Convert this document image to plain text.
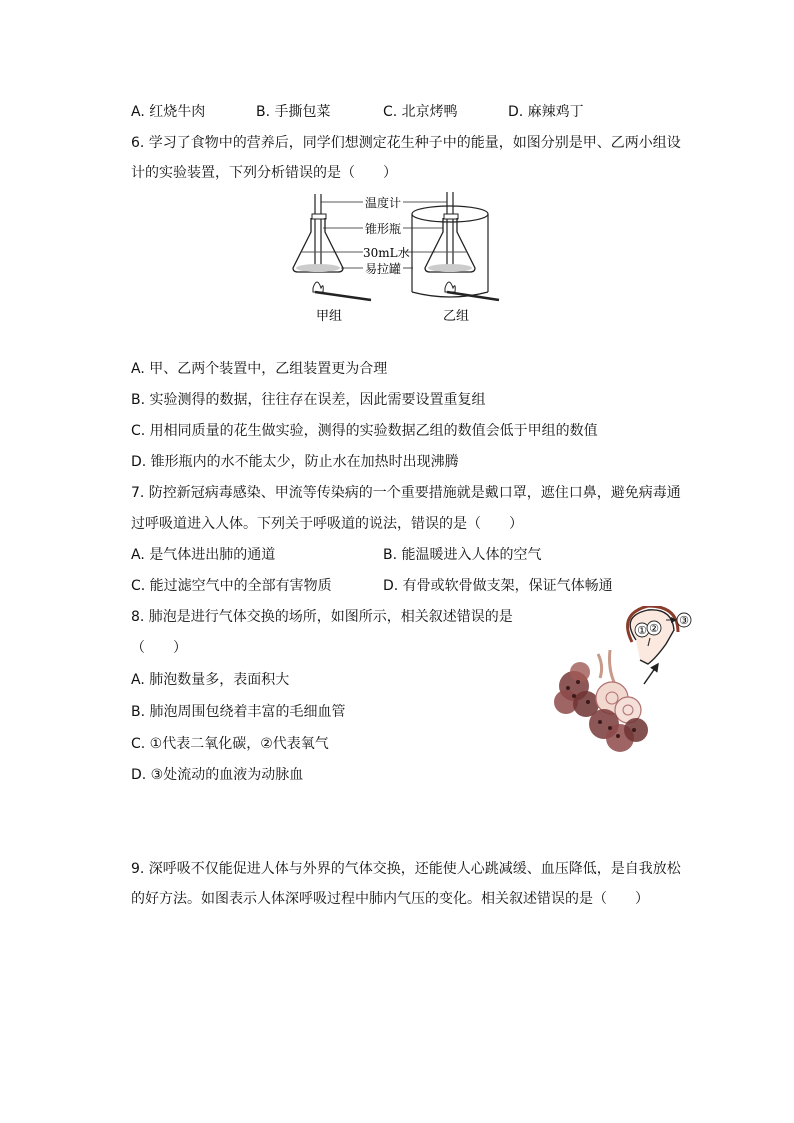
A. 红烧牛肉	B. 手撕包菜	C. 北京烤鸭	D. 麻辣鸡丁
6. 学习了食物中的营养后，同学们想测定花生种子中的能量，如图分别是甲、乙两小组设
计的实验装置，下列分析错误的是（　　）
温度计
锥形瓶
30mL水
易拉罐
甲组	乙组
A. 甲、乙两个装置中，乙组装置更为合理
B. 实验测得的数据，往往存在误差，因此需要设置重复组
C. 用相同质量的花生做实验，测得的实验数据乙组的数值会低于甲组的数值
D. 锥形瓶内的水不能太少，防止水在加热时出现沸腾
7. 防控新冠病毒感染、甲流等传染病的一个重要措施就是戴口罩，遮住口鼻，避免病毒通
过呼吸道进入人体。下列关于呼吸道的说法，错误的是（　　）
A. 是气体进出肺的通道	B. 能温暖进入人体的空气
C. 能过滤空气中的全部有害物质	D. 有骨或软骨做支架，保证气体畅通
8. 肺泡是进行气体交换的场所，如图所示，相关叙述错误的是
（　　）
A. 肺泡数量多，表面积大
B. 肺泡周围包绕着丰富的毛细血管
C. ①代表二氧化碳，②代表氧气
D. ③处流动的血液为动脉血
① ②
③
9. 深呼吸不仅能促进人体与外界的气体交换，还能使人心跳减缓、血压降低，是自我放松
的好方法。如图表示人体深呼吸过程中肺内气压的变化。相关叙述错误的是（　　）
